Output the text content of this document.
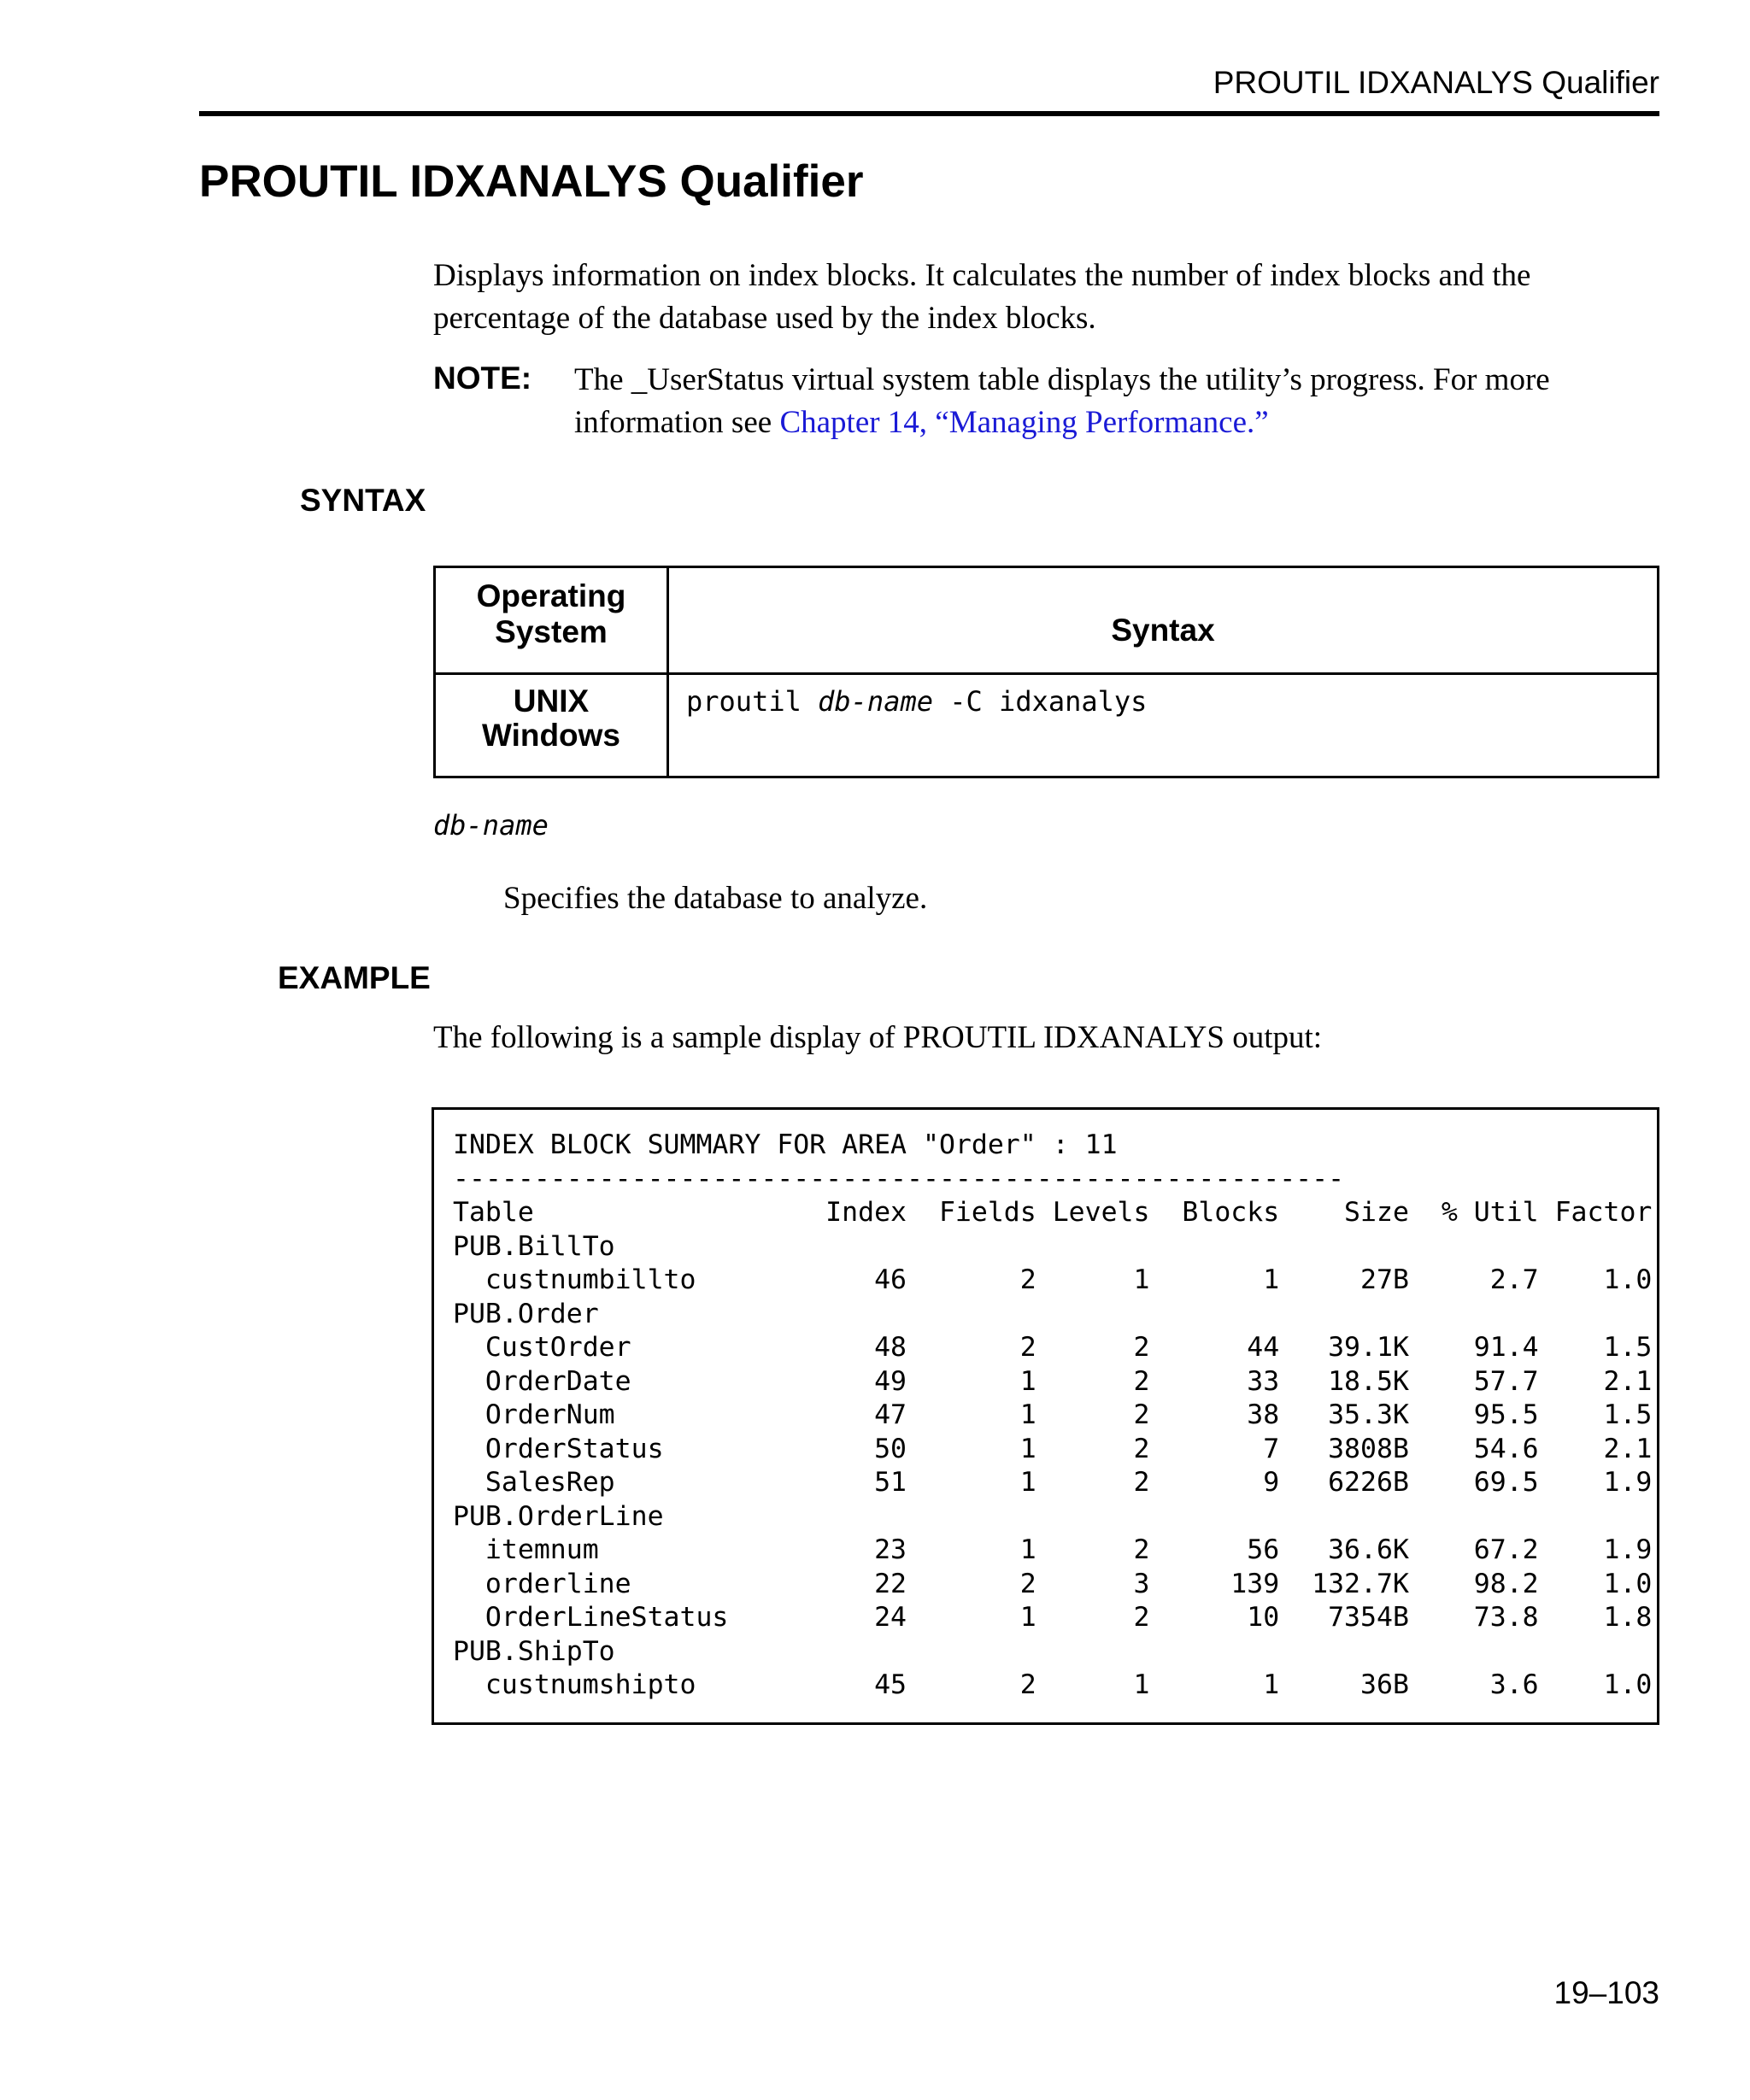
PROUTIL IDXANALYS Qualifier
PROUTIL IDXANALYS Qualifier
Displays information on index blocks. It calculates the number of index blocks and the percentage of the database used by the index blocks.
NOTE: The _UserStatus virtual system table displays the utility’s progress. For more information see Chapter 14, “Managing Performance.”
SYNTAX
Operating
System	Syntax
UNIX
Windows
proutil db-name -C idxanalys
db-name
Specifies the database to analyze.
EXAMPLE
The following is a sample display of PROUTIL IDXANALYS output:
INDEX BLOCK SUMMARY FOR AREA "Order" : 11
-------------------------------------------------------
Table                  Index  Fields Levels  Blocks    Size  % Util Factor
PUB.BillTo
custnumbillto           46       2      1       1     27B     2.7    1.0
PUB.Order
CustOrder               48       2      2      44   39.1K    91.4    1.5
OrderDate               49       1      2      33   18.5K    57.7    2.1
OrderNum                47       1      2      38   35.3K    95.5    1.5
OrderStatus             50       1      2       7   3808B    54.6    2.1
SalesRep                51       1      2       9   6226B    69.5    1.9
PUB.OrderLine
itemnum                 23       1      2      56   36.6K    67.2    1.9
orderline               22       2      3     139  132.7K    98.2    1.0
OrderLineStatus         24       1      2      10   7354B    73.8    1.8
PUB.ShipTo
custnumshipto           45       2      1       1     36B     3.6    1.0

19–103
